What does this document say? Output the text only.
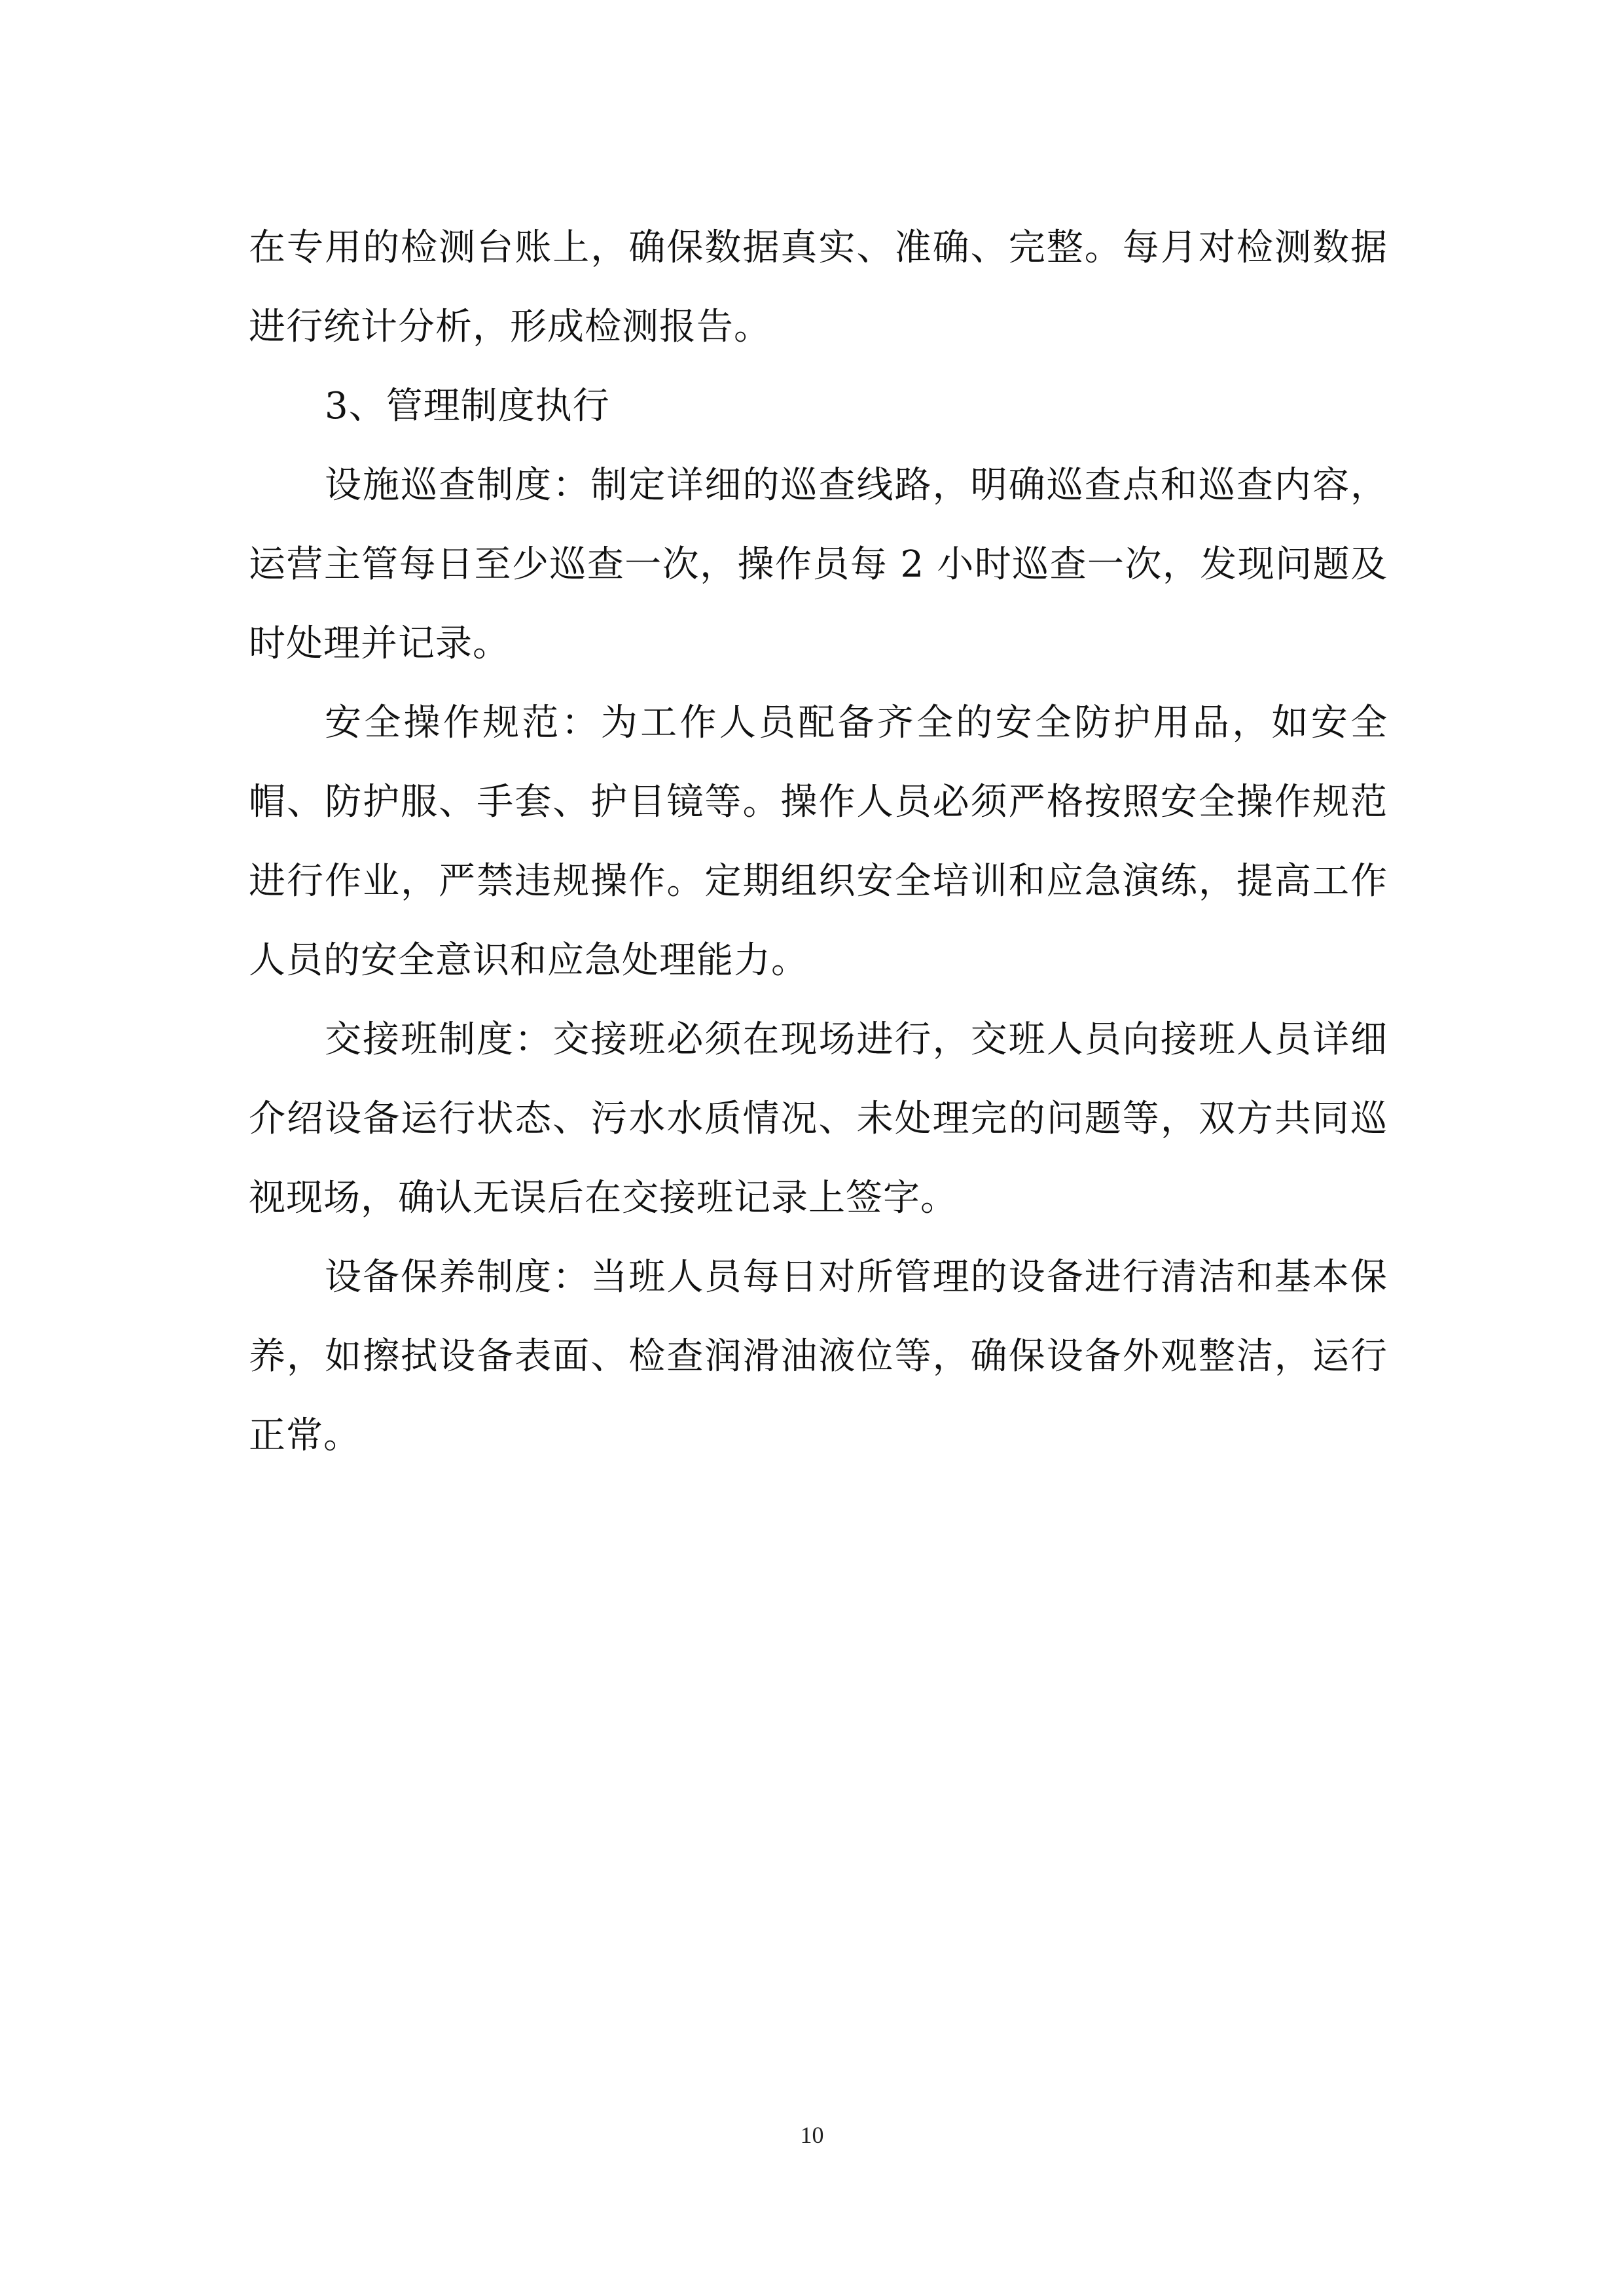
在专用的检测台账上，确保数据真实、准确、完整。每月对检测数据进行统计分析，形成检测报告。

3、管理制度执行

设施巡查制度：制定详细的巡查线路，明确巡查点和巡查内容，运营主管每日至少巡查一次，操作员每 2 小时巡查一次，发现问题及时处理并记录。

安全操作规范：为工作人员配备齐全的安全防护用品，如安全帽、防护服、手套、护目镜等。操作人员必须严格按照安全操作规范进行作业，严禁违规操作。定期组织安全培训和应急演练，提高工作人员的安全意识和应急处理能力。

交接班制度：交接班必须在现场进行，交班人员向接班人员详细介绍设备运行状态、污水水质情况、未处理完的问题等，双方共同巡视现场，确认无误后在交接班记录上签字。

设备保养制度：当班人员每日对所管理的设备进行清洁和基本保养，如擦拭设备表面、检查润滑油液位等，确保设备外观整洁，运行正常。

10
